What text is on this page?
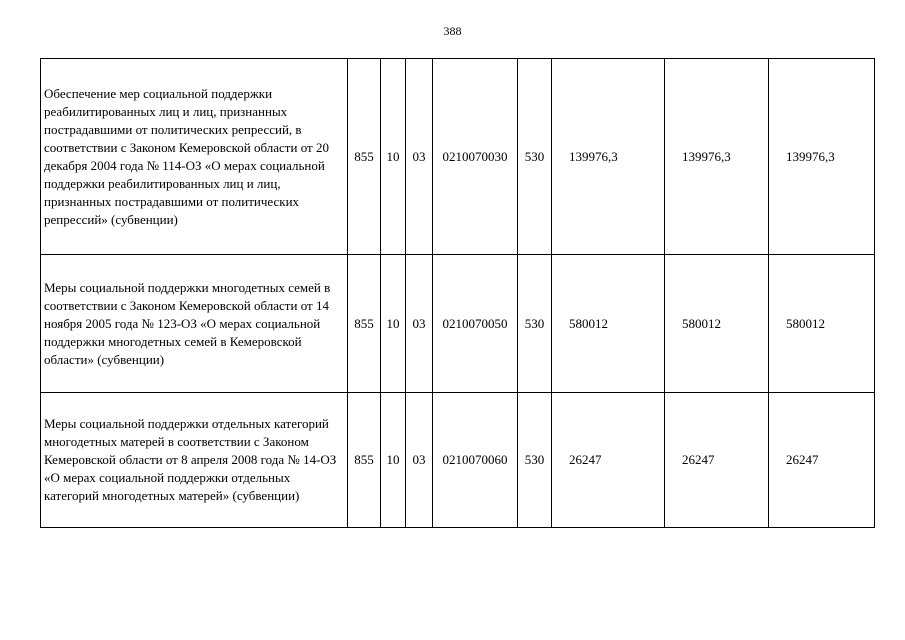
388
Обеспечение мер социальной поддержки реабилитированных лиц и лиц, признанных пострадавшими от политических репрессий, в соответствии с Законом Кемеровской области от 20 декабря 2004 года № 114-ОЗ «О мерах социальной поддержки реабилитированных лиц и лиц, признанных пострадавшими от политических репрессий» (субвенции)	855	10	03	0210070030	530	139976,3	139976,3	139976,3
Меры социальной поддержки многодетных семей в соответствии с Законом Кемеровской области от 14 ноября 2005 года № 123-ОЗ «О мерах социальной поддержки многодетных семей в Кемеровской области» (субвенции)	855	10	03	0210070050	530	580012	580012	580012
Меры социальной поддержки отдельных категорий многодетных матерей в соответствии с Законом Кемеровской области от 8 апреля 2008 года № 14-ОЗ «О мерах социальной поддержки отдельных категорий многодетных матерей» (субвенции)	855	10	03	0210070060	530	26247	26247	26247
